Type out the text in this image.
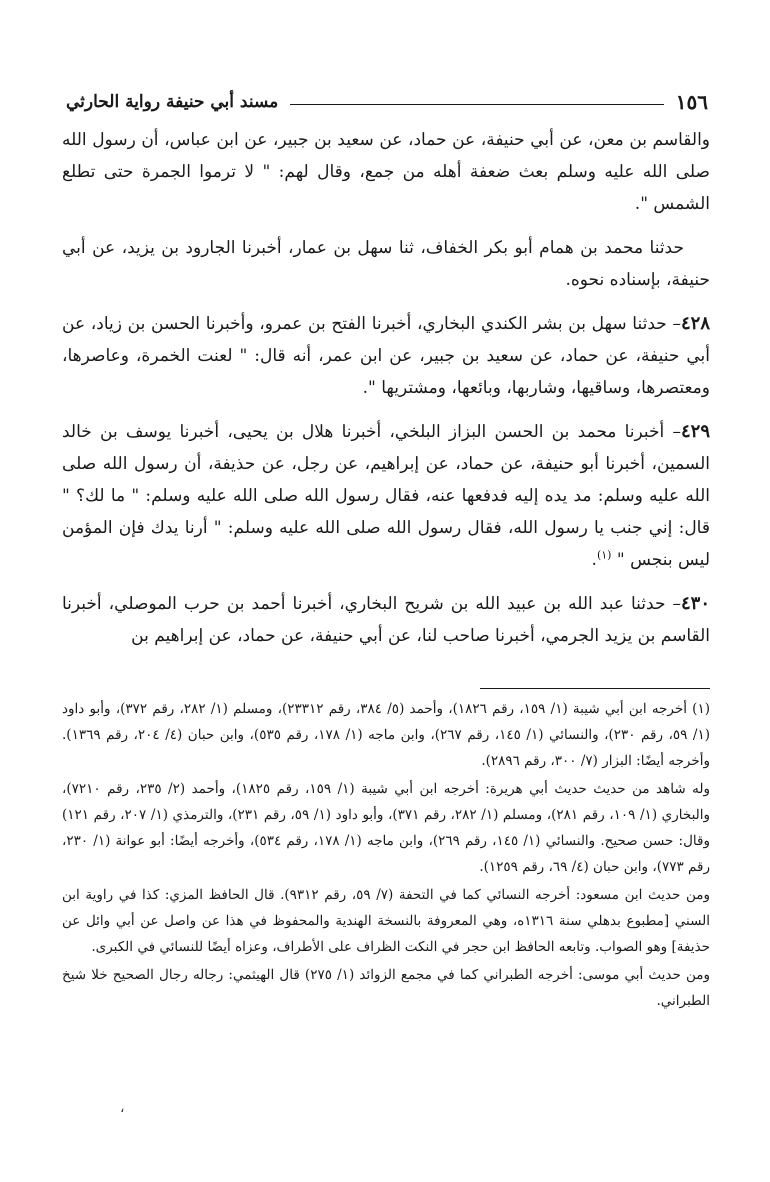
١٥٦
مسند أبي حنيفة رواية الحارثي

والقاسم بن معن، عن أبي حنيفة، عن حماد، عن سعيد بن جبير، عن ابن عباس، أن رسول الله صلى الله عليه وسلم بعث ضعفة أهله من جمع، وقال لهم: " لا ترموا الجمرة حتى تطلع الشمس ".

حدثنا محمد بن همام أبو بكر الخفاف، ثنا سهل بن عمار، أخبرنا الجارود بن يزيد، عن أبي حنيفة، بإسناده نحوه.

٤٢٨– حدثنا سهل بن بشر الكندي البخاري، أخبرنا الفتح بن عمرو، وأخبرنا الحسن بن زياد، عن أبي حنيفة، عن حماد، عن سعيد بن جبير، عن ابن عمر، أنه قال: " لعنت الخمرة، وعاصرها، ومعتصرها، وساقيها، وشاربها، وبائعها، ومشتريها ".

٤٢٩– أخبرنا محمد بن الحسن البزاز البلخي، أخبرنا هلال بن يحيى، أخبرنا يوسف بن خالد السمين، أخبرنا أبو حنيفة، عن حماد، عن إبراهيم، عن رجل، عن حذيفة، أن رسول الله صلى الله عليه وسلم: مد يده إليه فدفعها عنه، فقال رسول الله صلى الله عليه وسلم: " ما لك؟ " قال: إني جنب يا رسول الله، فقال رسول الله صلى الله عليه وسلم: " أرنا يدك فإن المؤمن ليس بنجس " $^{(١)}$.

٤٣٠– حدثنا عبد الله بن عبيد الله بن شريح البخاري، أخبرنا أحمد بن حرب الموصلي، أخبرنا القاسم بن يزيد الجرمي، أخبرنا صاحب لنا، عن أبي حنيفة، عن حماد، عن إبراهيم بن

(١) أخرجه ابن أبي شيبة (١/ ١٥٩، رقم ١٨٢٦)، وأحمد (٥/ ٣٨٤، رقم ٢٣٣١٢)، ومسلم (١/ ٢٨٢، رقم ٣٧٢)، وأبو داود (١/ ٥٩، رقم ٢٣٠)، والنسائي (١/ ١٤٥، رقم ٢٦٧)، وابن ماجه (١/ ١٧٨، رقم ٥٣٥)، وابن حبان (٤/ ٢٠٤، رقم ١٣٦٩). وأخرجه أيضًا: البزار (٧/ ٣٠٠، رقم ٢٨٩٦).

وله شاهد من حديث حديث أبي هريرة: أخرجه ابن أبي شيبة (١/ ١٥٩، رقم ١٨٢٥)، وأحمد (٢/ ٢٣٥، رقم ٧٢١٠)، والبخاري (١/ ١٠٩، رقم ٢٨١)، ومسلم (١/ ٢٨٢، رقم ٣٧١)، وأبو داود (١/ ٥٩، رقم ٢٣١)، والترمذي (١/ ٢٠٧، رقم ١٢١) وقال: حسن صحيح. والنسائي (١/ ١٤٥، رقم ٢٦٩)، وابن ماجه (١/ ١٧٨، رقم ٥٣٤)، وأخرجه أيضًا: أبو عوانة (١/ ٢٣٠، رقم ٧٧٣)، وابن حبان (٤/ ٦٩، رقم ١٢٥٩).

ومن حديث ابن مسعود: أخرجه النسائي كما في التحفة (٧/ ٥٩، رقم ٩٣١٢). قال الحافظ المزي: كذا في راوية ابن السني [مطبوع بدهلي سنة ١٣١٦ه، وهي المعروفة بالنسخة الهندية والمحفوظ في هذا عن واصل عن أبي وائل عن حذيفة] وهو الصواب. وتابعه الحافظ ابن حجر في النكت الظراف على الأطراف، وعزاه أيضًا للنسائي في الكبرى.

ومن حديث أبي موسى: أخرجه الطبراني كما في مجمع الزوائد (١/ ٢٧٥) قال الهيثمي: رجاله رجال الصحيح خلا شيخ الطبراني.

،
